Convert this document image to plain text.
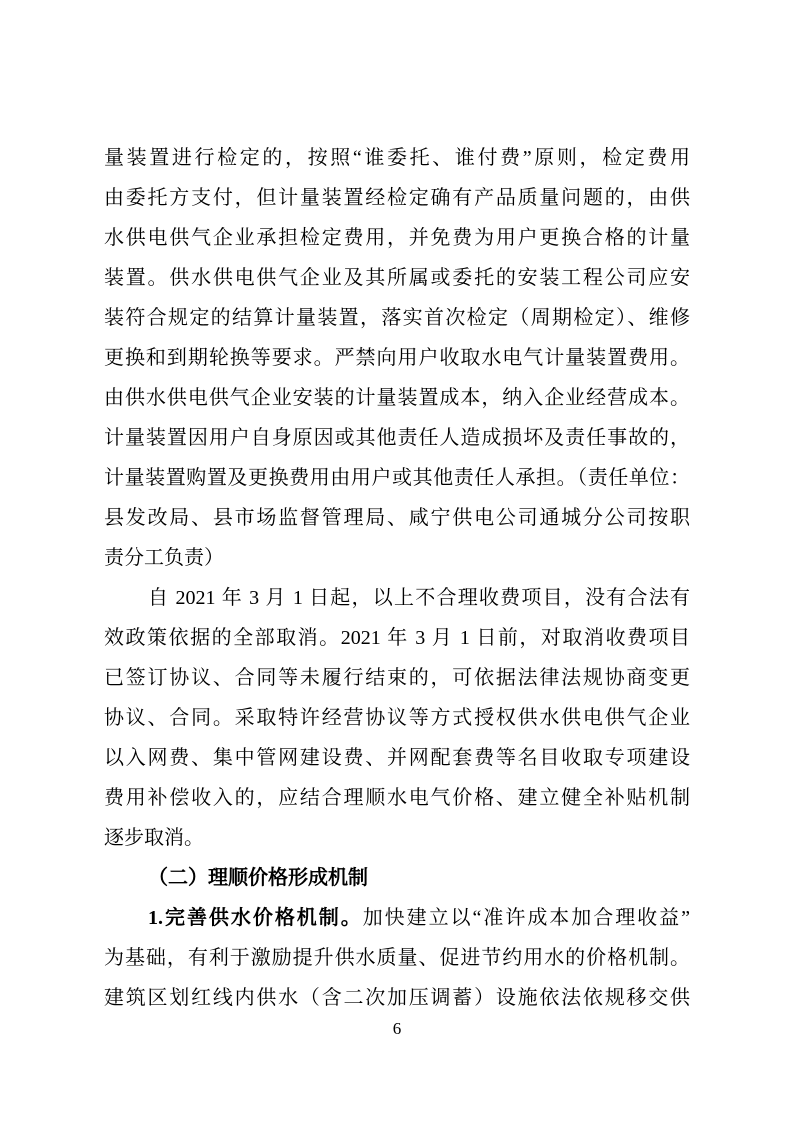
量装置进行检定的，按照“谁委托、谁付费”原则，检定费用
由委托方支付，但计量装置经检定确有产品质量问题的，由供
水供电供气企业承担检定费用，并免费为用户更换合格的计量
装置。供水供电供气企业及其所属或委托的安装工程公司应安
装符合规定的结算计量装置，落实首次检定（周期检定）、维修
更换和到期轮换等要求。严禁向用户收取水电气计量装置费用。
由供水供电供气企业安装的计量装置成本，纳入企业经营成本。
计量装置因用户自身原因或其他责任人造成损坏及责任事故的，
计量装置购置及更换费用由用户或其他责任人承担。（责任单位：
县发改局、县市场监督管理局、咸宁供电公司通城分公司按职
责分工负责）
自 2021 年 3 月 1 日起，以上不合理收费项目，没有合法有
效政策依据的全部取消。2021 年 3 月 1 日前，对取消收费项目
已签订协议、合同等未履行结束的，可依据法律法规协商变更
协议、合同。采取特许经营协议等方式授权供水供电供气企业
以入网费、集中管网建设费、并网配套费等名目收取专项建设
费用补偿收入的，应结合理顺水电气价格、建立健全补贴机制
逐步取消。
（二）理顺价格形成机制
1.完善供水价格机制。加快建立以“准许成本加合理收益”
为基础，有利于激励提升供水质量、促进节约用水的价格机制。
建筑区划红线内供水（含二次加压调蓄）设施依法依规移交供
6
